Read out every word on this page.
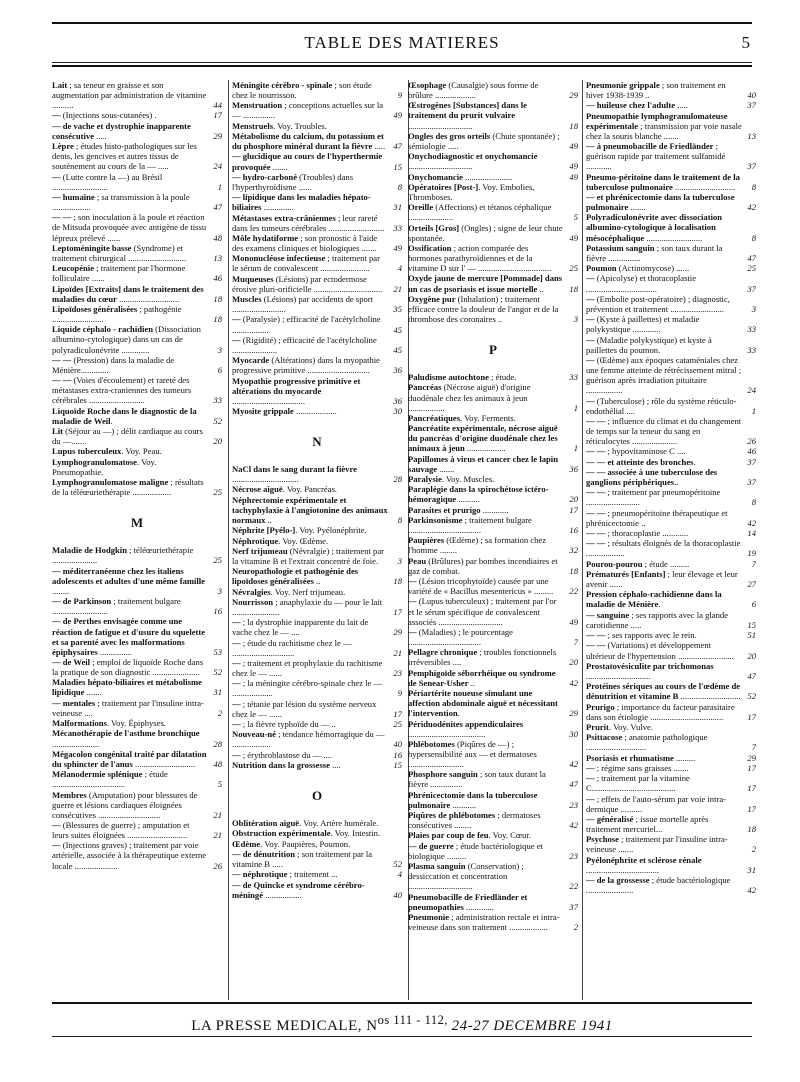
TABLE DES MATIERES	5
Lait ; sa teneur en graisse et son augmentation par administration de vitamine ..........	44
— (Injections sous-cutanées) .	17
— de vache et dystrophie inapparente consécutive .....	29
Lèpre ; études histo-pathologiques sur les dents, les gencives et autres tissus de soutènement au cours de la — .....	24
— (Lutte contre la —) au Brésil ..........................	1
— humaine ; sa transmission à la poule ..................	47
— — ; son inoculation à la poule et réaction de Mitsuda provoquée avec antigène de tissu lépreux prélevé ......	48
Leptoméningite basse (Syndrome) et traitement chirurgical ...........................	13
Leucopénie ; traitement par l'hormone folliculaire ......	46
Lipoïdes [Extraits] dans le traitement des maladies du cœur ............................	18
Lipoïdoses généralisées ; pathogénie ........................	18
Liquide céphalo - rachidien (Dissociation albumino-cytologique) dans un cas de polyradiculonévrite .............	3
— — (Pression) dans la maladie de Ménière.............	6
— — (Voies d'écoulement) et rareté des métastases extra-craniennes des tumeurs cérébrales ..........................	33
Liquoïde Roche dans le diagnostic de la maladie de Weil.	52
Lit (Séjour au —) ; délit cardiaque au cours du —.......	20
Lupus tuberculeux. Voy. Peau.
Lymphogranulomatose. Voy. Pneumopathie.
Lymphogranulomatose maligne ; résultats de la téléœuriethérapie ..................	25
M
Maladie de Hodgkin ; téléœuriethérapie .....................	25
— méditerranéenne chez les italiens adolescents et adultes d'une même famille ........	3
— de Parkinson ; traitement bulgare ..........................	16
— de Perthes envisagée comme une réaction de fatigue et d'usure du squelette et sa parenté avec les malformations épiphysaires ...............	53
— de Weil ; emploi de liquoïde Roche dans la pratique de son diagnostic ......................	52
Maladies hépato-biliaires et métabolisme lipidique .......	31
— mentales ; traitement par l'insuline intra-veineuse ....	2
Malformations. Voy. Épiphyses.
Mécanothérapie de l'asthme bronchique ......................	28
Mégacolon congénital traité par dilatation du sphincter de l'anus ............................	48
Mélanodermie splénique ; étude ..................................	5
Membres (Amputation) pour blessures de guerre et lésions cardiaques éloignées consécutives .............................	21
— (Blessures de guerre) ; amputation et leurs suites éloignées ............................	21
— (Injections graves) ; traitement par voie artérielle, associée à la thérapeutique externe locale ....................	26
Méningite cérébro - spinale ; son étude chez le nourrisson.	9
Menstruation ; conceptions actuelles sur la — ...............	49
Menstruels. Voy. Troubles.
Métabolisme du calcium, du potassium et du phosphore minéral durant la fièvre ..... 47
— glucidique au cours de l'hyperthermie provoquée .......	15
— hydro-carboné (Troubles) dans l'hyperthyroïdisme ......	8
— lipidique dans les maladies hépato-biliaires ..............	31
Métastases extra-crâniennes ; leur rareté dans les tumeurs cérébrales ..........................	33
Môle hydatiforme ; son pronostic à l'aide des examens cliniques et biologiques .......	49
Mononucléose infectieuse ; traitement par le sérum de convalescent .......................	4
Muqueuses (Lésions) par ectodermose érosive pluri-orificielle ................................	21
Muscles (Lésions) par accidents de sport .........................	35
— (Paralysie) ; efficacité de l'acétylcholine .................	45
— (Rigidité) ; efficacité de l'acétylcholine .....................	45
Myocarde (Altérations) dans la myopathie progressive primitive .............................	36
Myopathie progressive primitive et altérations du myocarde ..................................	36
Myosite grippale ...................	30
N
NaCl dans le sang durant la fièvre ...............................	28
Nécrose aiguë. Voy. Pancréas.
Néphrectomie expérimentale et tachyphylaxie à l'angiotonine des animaux normaux ..	8
Néphrite [Pyélo-]. Voy. Pyélonéphrite.
Néphrotique. Voy. Œdème.
Nerf trijumeau (Névralgie) ; traitement par la vitamine B et l'extrait concentré de foie.	3
Neuropathologie et pathogénie des lipoïdoses généralisées ..	18
Névralgies. Voy. Nerf trijumeau.
Nourrisson ; anaphylaxie du — pour le lait ......................	17
— ; la dystrophie inapparente du lait de vache chez le — ....	29
— ; étude du rachitisme chez le — .............................	21
— ; traitement et prophylaxie du rachitisme chez le — ......	23
— ; la méningite cérébro-spinale chez le — ...................	9
— ; tétanie par lésion du système nerveux chez le — ......	17
— ; la fièvre typhoïde du — ..	25
Nouveau-né ; tendance hémorragique du — ..................	40
— ; érythroblastose du — ....	16
Nutrition dans la grossesse ....	15
O
Oblitération aiguë. Voy. Artère humérale.
Obstruction expérimentale. Voy. Intestin.
Œdème. Voy. Paupières, Poumon.
— de dénutrition ; son traitement par la vitamine B .....	52
— néphrotique ; traitement ...	4
— de Quincke et syndrome cérébro-méningé .................	40
Œsophage (Causalgie) sous forme de brûlure ...................	29
Œstrogènes [Substances] dans le traitement du prurit vulvaire ..............................	18
Ongles des gros orteils (Chute spontanée) ; sémiologie .....	49
Onychodiagnostic et onychomancie ..............................	49
Onychomancie ......................	49
Opératoires [Post-]. Voy. Embolies, Thromboses.
Oreille (Affections) et tétanos céphalique .....................	5
Orteils [Gros] (Ongles) ; signe de leur chute spontanée.	49
Ossification ; action comparée des hormones parathyroïdiennes et de la vitamine D sur l' — ..................................	25
Oxyde jaune de mercure [Pommade] dans un cas de psoriasis et issue mortelle ..	18
Oxygène pur (Inhalation) ; traitement efficace contre la douleur de l'angor et de la thrombose des coronaires ..	3
P
Paludisme autochtone ; étude.	33
Pancréas (Nécrose aiguë) d'origine duodénale chez les animaux à jeun .................	1
Pancréatiques. Voy. Ferments.
Pancréatite expérimentale, nécrose aiguë du pancréas d'origine duodénale chez les animaux à jeun ..................	1
Papillomes à virus et cancer chez le lapin sauvage .......	36
Paralysie. Voy. Muscles.
Paraplégie dans la spirochétose ictéro-hémoragique ..........	20
Parasites et prurigo ............	17
Parkinsonisme ; traitement bulgare ..................................	16
Paupières (Œdème) ; sa formation chez l'homme ........	32
Peau (Brûlures) par bombes incendiaires et gaz de combat.	18
— (Lésion tricophytoïde) causée par une variété de « Bacillus mesentericus » .........	22
— (Lupus tuberculeux) ; traitement par l'or et le sérum spécifique de convalescent associés ..............................	49
— (Maladies) ; le pourcentage ..................................	7
Pellagre chronique ; troubles fonctionnels irréversibles ....	20
Pemphigoïde séborrhéique ou syndrome de Senear-Usher ..	42
Périartérite noueuse simulant une affection abdominale aiguë et nécessitant l'intervention.	29
Périduodénites appendiculaires ....................................	30
Phlébotomes (Piqûres de —) ; hypersensibilité aux — et dermatoses ..........................	42
Phosphore sanguin ; son taux durant la fièvre ...............	47
Phrénicectomie dans la tuberculose pulmonaire ...........	23
Piqûres de phlébotomes ; dermatoses consécutives ........	42
Plaies par coup de feu. Voy. Cœur.
— de guerre ; étude bactériologique et biologique .........	23
Plasma sanguin (Conservation) ; dessiccation et concentration ..............................	22
Pneumobacille de Friedländer et pneumopathies .............	37
Pneumonie ; administration rectale et intra-veineuse dans son traitement ..................	2
Pneumonie grippale ; son traitement en hiver 1938-1939 ..	40
— huileuse chez l'adulte .....	37
Pneumopathie lymphogranulomateuse expérimentale ; transmission par voie nasale chez la souris blanche .......	13
— à pneumobacille de Friedländer ; guérison rapide par traitement sulfamidé ............	37
Pneumo-péritoine dans le traitement de la tuberculose pulmonaire ............................	8
— et phrénicectomie dans la tuberculose pulmonaire .......	42
Polyradiculonévrite avec dissociation albumino-cytologique à localisation mésocéphalique ..........................	8
Potassium sanguin ; son taux durant la fièvre ...............	47
Poumon (Actinomycose) ......	25
— (Apicolyse) et thoracoplastie .................................	37
— (Embolie post-opératoire) ; diagnostic, prévention et traitement .........................	3
— (Kyste à paillettes) et maladie polykystique .............	33
— (Maladie polykystique) et kyste à paillettes du poumon.	33
— (Œdème) aux époques cataméniales chez une femme atteinte de rétrécissement mitral ; guérison après irradiation pituitaire .................	24
— (Tuberculose) ; rôle du système réticulo-endothélial ....	1
— — ; influence du climat et du changement de temps sur la teneur du sang en réticulocytes .....................	26
— — ; hypovitaminose C ....	46
— — et atteinte des bronches.	37
— — associée à une tuberculose des ganglions périphériques..	37
— — ; traitement par pneumopéritoine .........................	8
— — ; pneumopéritoine thérapeutique et phrénicectomie ..	42
— — ; thoracoplastie ............	14
— — ; résultats éloignés de la thoracoplastie ..................	19
Pourou-pourou ; étude .........	7
Prématurés [Enfants] ; leur élevage et leur avenir ......	27
Pression céphalo-rachidienne dans la maladie de Ménière.	6
— sanguine ; ses rapports avec la glande carotidienne .....	15
— — ; ses rapports avec le rein.	51
— — (Variations) et développement ultérieur de l'hypertension ..........................	20
Prostatovésiculite par trichomonas ..............................	47
Protéines sériques au cours de l'œdème de dénutrition et vitamine B ............................ 52
Prurigo ; importance du facteur parasitaire dans son étiologie ..................................	17
Prurit. Voy. Vulve.
Psittacose ; anatomie pathologique ............................	7
Psoriasis et rhumatisme .........	29
— ; régime sans graisses .......	17
— ; traitement par la vitamine C.......................................	17
— ; effets de l'auto-sérum par voie intra-dermique ..........	17
— généralisé ; issue mortelle après traitement mercuriel...	18
Psychose ; traitement par l'insuline intra-veineuse .......	2
Pyélonéphrite et sclérose rénale ..................................	31
— de la grossesse ; étude bactériologique ......................	42
LA PRESSE MEDICALE, $N^{os 111 - 112,}$ 24-27 DECEMBRE 1941
